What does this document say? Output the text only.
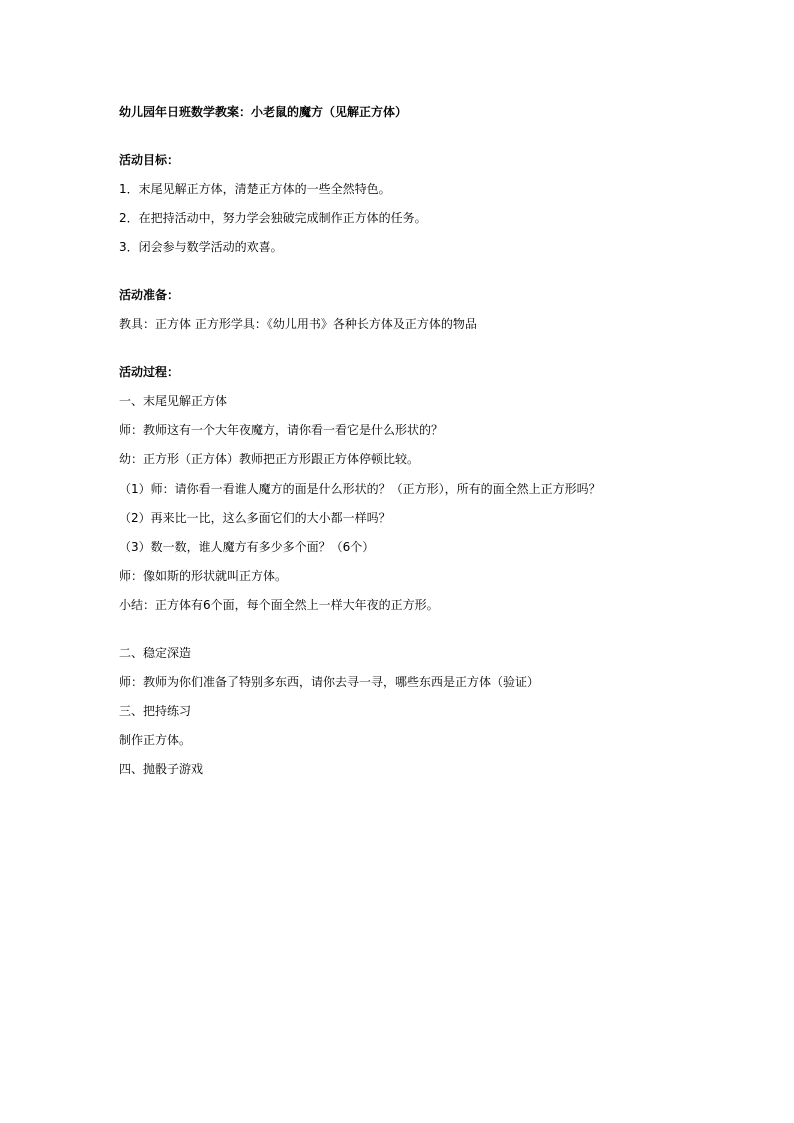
幼儿园年日班数学教案：小老鼠的魔方（见解正方体）
活动目标：
1．末尾见解正方体，清楚正方体的一些全然特色。
2．在把持活动中，努力学会独破完成制作正方体的任务。
3．闭会参与数学活动的欢喜。
活动准备：
教具：正方体 正方形学具：《幼儿用书》各种长方体及正方体的物品
活动过程：
一、末尾见解正方体
师：教师这有一个大年夜魔方，请你看一看它是什么形状的？
幼：正方形（正方体）教师把正方形跟正方体停顿比较。
（1）师：请你看一看谁人魔方的面是什么形状的？（正方形），所有的面全然上正方形吗？
（2）再来比一比，这么多面它们的大小都一样吗？
（3）数一数，谁人魔方有多少多个面？（6个）
师：像如斯的形状就叫正方体。
小结：正方体有6个面，每个面全然上一样大年夜的正方形。
二、稳定深造
师：教师为你们准备了特别多东西，请你去寻一寻，哪些东西是正方体（验证）
三、把持练习
制作正方体。
四、抛骰子游戏
